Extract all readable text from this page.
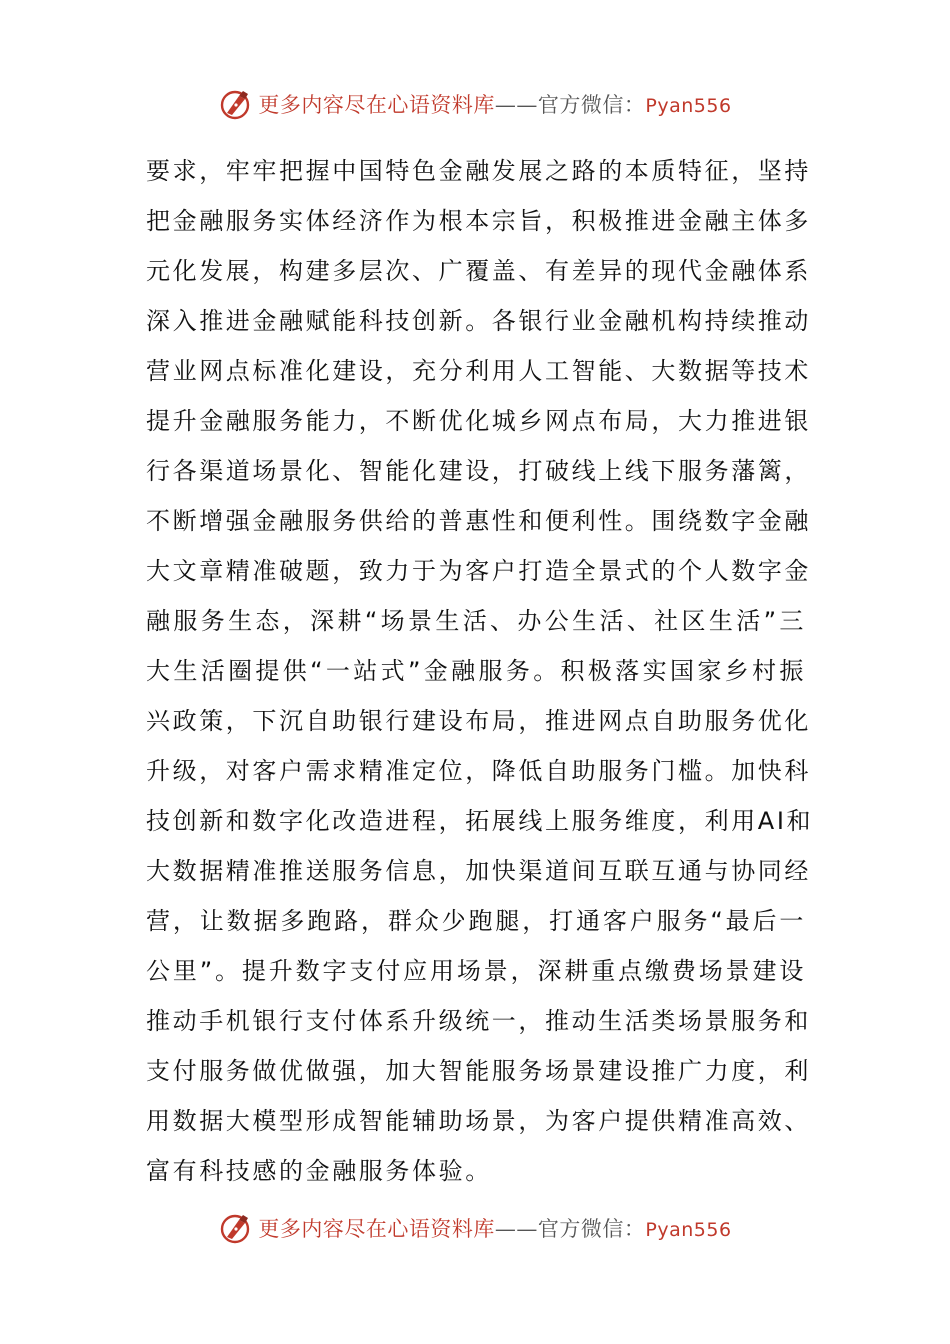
更多内容尽在心语资料库——官方微信：Pyan556
要求，牢牢把握中国特色金融发展之路的本质特征，坚持
把金融服务实体经济作为根本宗旨，积极推进金融主体多
元化发展，构建多层次、广覆盖、有差异的现代金融体系
深入推进金融赋能科技创新。各银行业金融机构持续推动
营业网点标准化建设，充分利用人工智能、大数据等技术
提升金融服务能力，不断优化城乡网点布局，大力推进银
行各渠道场景化、智能化建设，打破线上线下服务藩篱，
不断增强金融服务供给的普惠性和便利性。围绕数字金融
大文章精准破题，致力于为客户打造全景式的个人数字金
融服务生态，深耕“场景生活、办公生活、社区生活”三
大生活圈提供“一站式”金融服务。积极落实国家乡村振
兴政策，下沉自助银行建设布局，推进网点自助服务优化
升级，对客户需求精准定位，降低自助服务门槛。加快科
技创新和数字化改造进程，拓展线上服务维度，利用AI和
大数据精准推送服务信息，加快渠道间互联互通与协同经
营，让数据多跑路，群众少跑腿，打通客户服务“最后一
公里”。提升数字支付应用场景，深耕重点缴费场景建设
推动手机银行支付体系升级统一，推动生活类场景服务和
支付服务做优做强，加大智能服务场景建设推广力度，利
用数据大模型形成智能辅助场景，为客户提供精准高效、
富有科技感的金融服务体验。
更多内容尽在心语资料库——官方微信：Pyan556
